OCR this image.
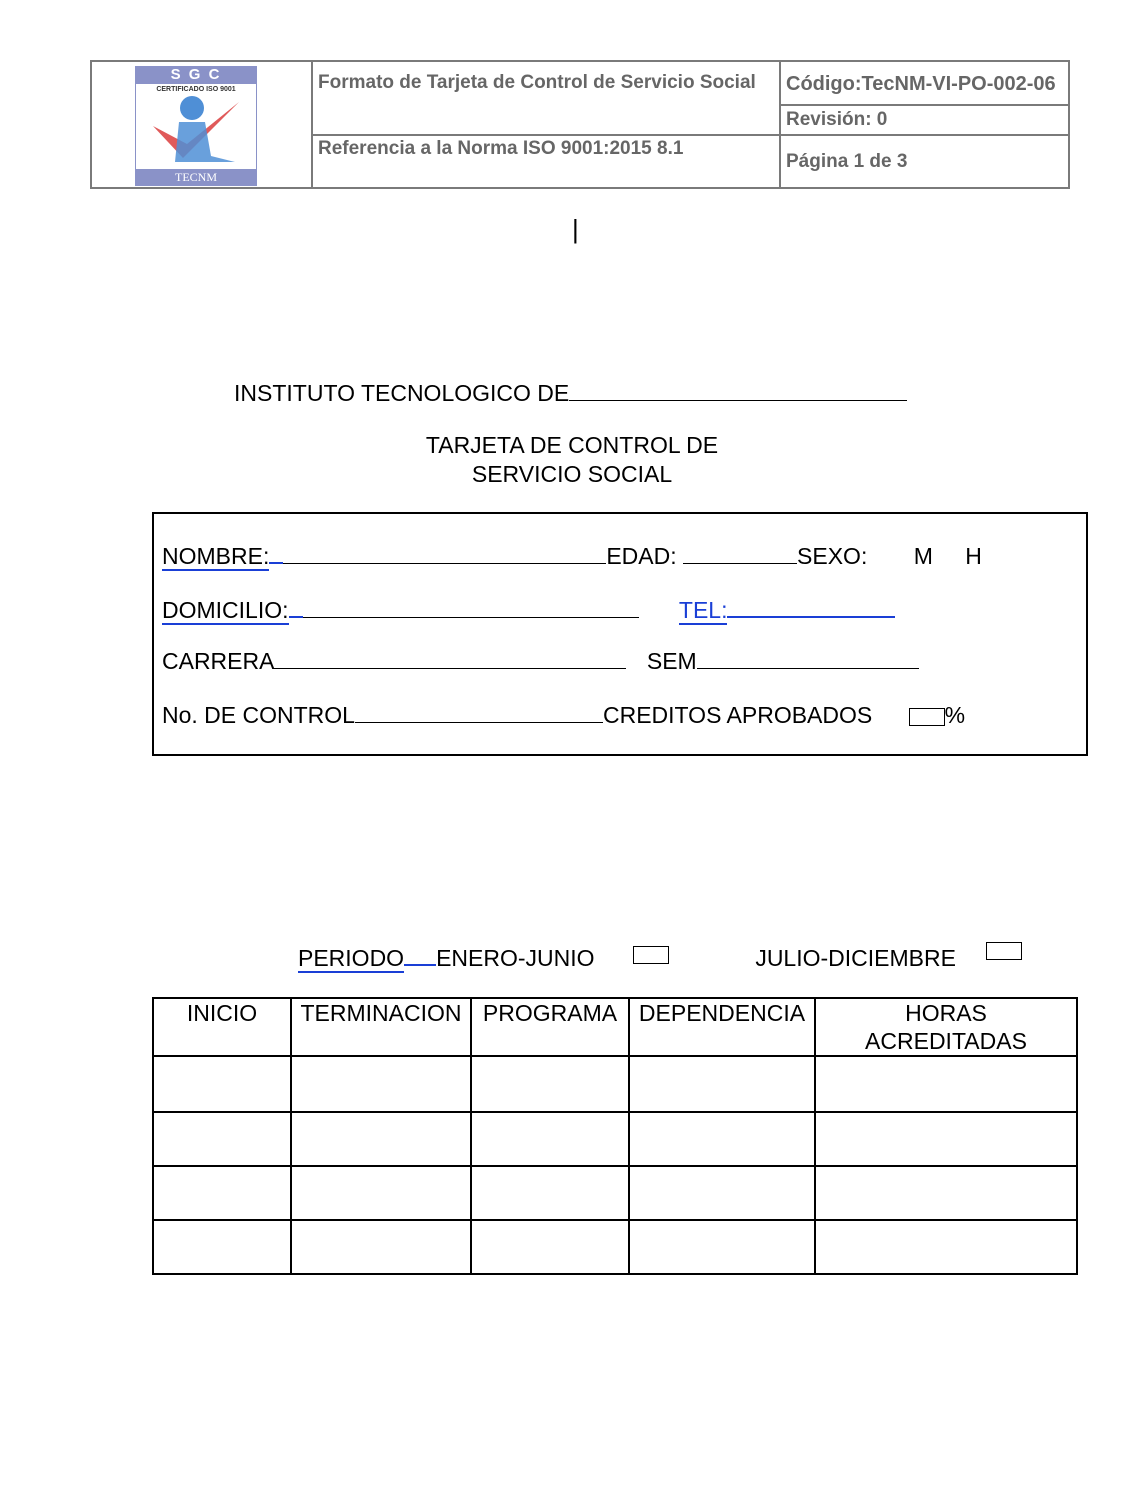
S G C
CERTIFICADO ISO 9001
TECNM
Formato de Tarjeta de Control de Servicio Social
Referencia a la Norma ISO 9001:2015 8.1
Código:TecNM-VI-PO-002-06
Revisión: 0
Página 1 de 3
|
INSTITUTO TECNOLOGICO DE
TARJETA DE CONTROL DE
SERVICIO SOCIAL
NOMBRE:	EDAD:	SEXO: M H
DOMICILIO:	TEL:
CARRERA	SEM
No. DE CONTROL	CREDITOS APROBADOS	%
PERIODO ENERO-JUNIO	JULIO-DICIEMBRE
INICIO	TERMINACION	PROGRAMA	DEPENDENCIA	HORAS ACREDITADAS
